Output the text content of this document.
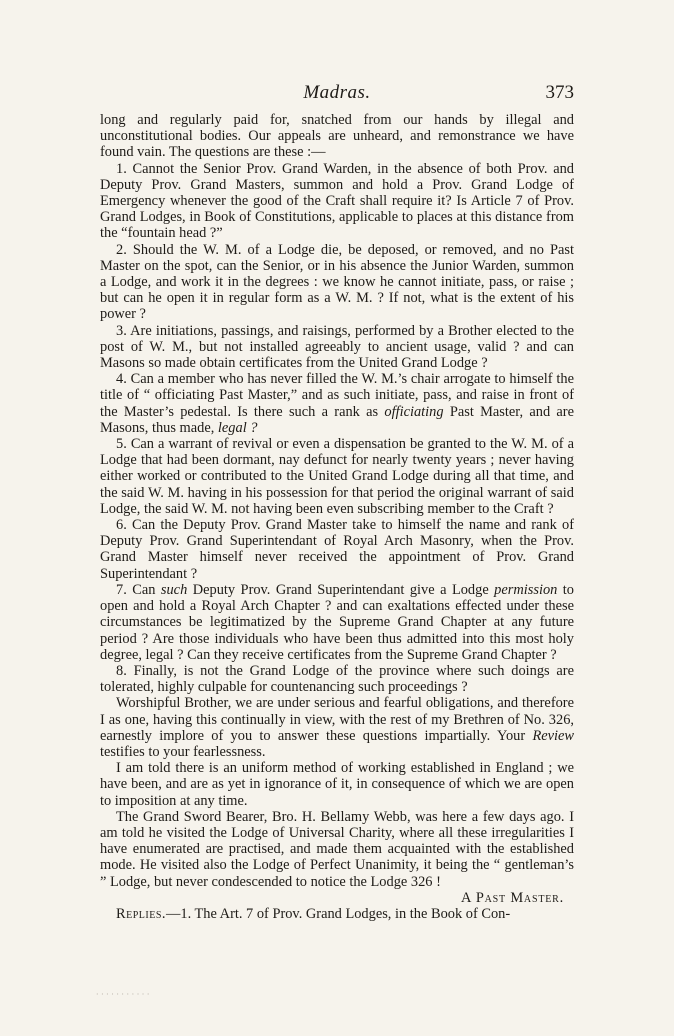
Madras.	373

long and regularly paid for, snatched from our hands by illegal and unconstitutional bodies. Our appeals are unheard, and remonstrance we have found vain. The questions are these :—

1. Cannot the Senior Prov. Grand Warden, in the absence of both Prov. and Deputy Prov. Grand Masters, summon and hold a Prov. Grand Lodge of Emergency whenever the good of the Craft shall require it? Is Article 7 of Prov. Grand Lodges, in Book of Constitutions, applicable to places at this distance from the “fountain head ?”

2. Should the W. M. of a Lodge die, be deposed, or removed, and no Past Master on the spot, can the Senior, or in his absence the Junior Warden, summon a Lodge, and work it in the degrees : we know he cannot initiate, pass, or raise ; but can he open it in regular form as a W. M. ? If not, what is the extent of his power ?

3. Are initiations, passings, and raisings, performed by a Brother elected to the post of W. M., but not installed agreeably to ancient usage, valid ? and can Masons so made obtain certificates from the United Grand Lodge ?

4. Can a member who has never filled the W. M.’s chair arrogate to himself the title of “ officiating Past Master,” and as such initiate, pass, and raise in front of the Master’s pedestal. Is there such a rank as officiating Past Master, and are Masons, thus made, legal ?

5. Can a warrant of revival or even a dispensation be granted to the W. M. of a Lodge that had been dormant, nay defunct for nearly twenty years ; never having either worked or contributed to the United Grand Lodge during all that time, and the said W. M. having in his possession for that period the original warrant of said Lodge, the said W. M. not having been even subscribing member to the Craft ?

6. Can the Deputy Prov. Grand Master take to himself the name and rank of Deputy Prov. Grand Superintendant of Royal Arch Masonry, when the Prov. Grand Master himself never received the appointment of Prov. Grand Superintendant ?

7. Can such Deputy Prov. Grand Superintendant give a Lodge permission to open and hold a Royal Arch Chapter ? and can exaltations effected under these circumstances be legitimatized by the Supreme Grand Chapter at any future period ? Are those individuals who have been thus admitted into this most holy degree, legal ? Can they receive certificates from the Supreme Grand Chapter ?

8. Finally, is not the Grand Lodge of the province where such doings are tolerated, highly culpable for countenancing such proceedings ?

Worshipful Brother, we are under serious and fearful obligations, and therefore I as one, having this continually in view, with the rest of my Brethren of No. 326, earnestly implore of you to answer these questions impartially. Your Review testifies to your fearlessness.

I am told there is an uniform method of working established in England ; we have been, and are as yet in ignorance of it, in consequence of which we are open to imposition at any time.

The Grand Sword Bearer, Bro. H. Bellamy Webb, was here a few days ago. I am told he visited the Lodge of Universal Charity, where all these irregularities I have enumerated are practised, and made them acquainted with the established mode. He visited also the Lodge of Perfect Unanimity, it being the “ gentleman’s ” Lodge, but never condescended to notice the Lodge 326 !

A Past Master.

Replies.—1. The Art. 7 of Prov. Grand Lodges, in the Book of Con-

· · · · · · · · · · ·
